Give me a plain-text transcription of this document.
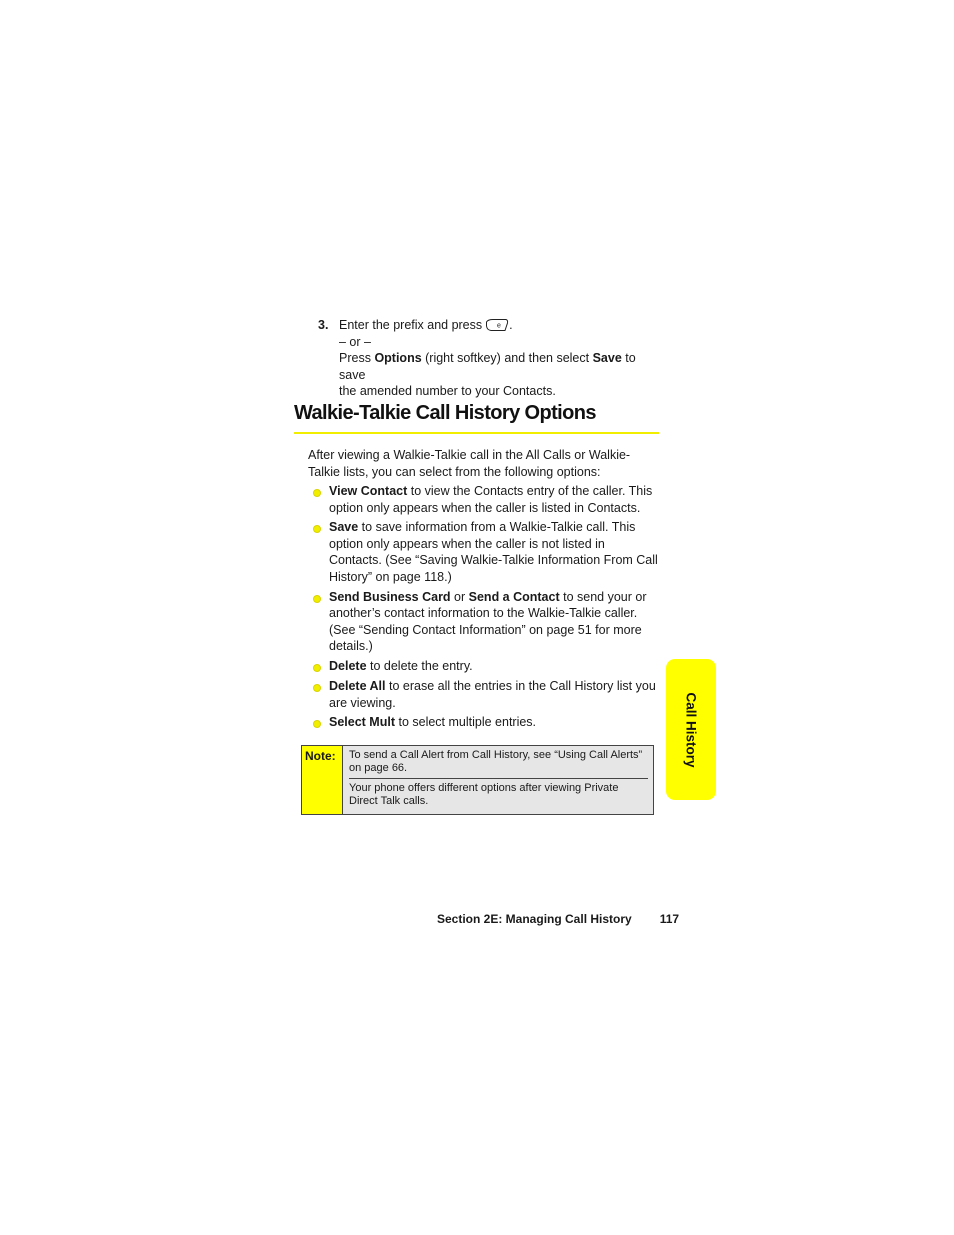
3. Enter the prefix and press e .
– or –
Press Options (right softkey) and then select Save to save
the amended number to your Contacts.
Walkie-Talkie Call History Options
After viewing a Walkie-Talkie call in the All Calls or Walkie-Talkie lists, you can select from the following options:
View Contact to view the Contacts entry of the caller. This option only appears when the caller is listed in Contacts.
Save to save information from a Walkie-Talkie call. This option only appears when the caller is not listed in Contacts. (See “Saving Walkie-Talkie Information From Call History” on page 118.)
Send Business Card or Send a Contact to send your or another’s contact information to the Walkie-Talkie caller. (See “Sending Contact Information” on page 51 for more details.)
Delete to delete the entry.
Delete All to erase all the entries in the Call History list you are viewing.
Select Mult to select multiple entries.
Note:	To send a Call Alert from Call History, see “Using Call Alerts” on page 66.
Your phone offers different options after viewing Private Direct Talk calls.
Call History
Section 2E: Managing Call History 117
